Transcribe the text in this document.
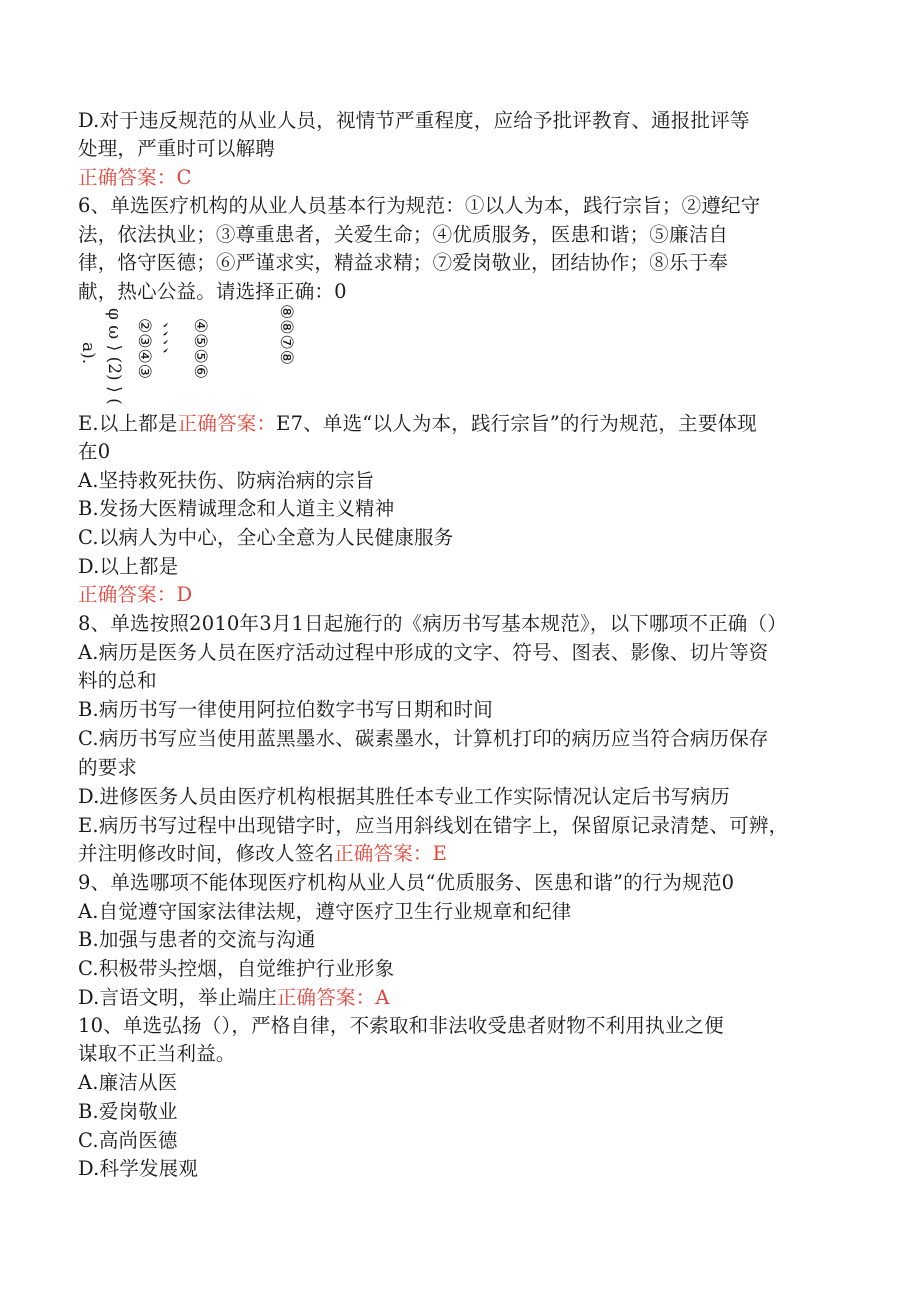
D.对于违反规范的从业人员，视情节严重程度，应给予批评教育、通报批评等
处理，严重时可以解聘
正确答案：C
6、单选医疗机构的从业人员基本行为规范：①以人为本，践行宗旨；②遵纪守
法，依法执业；③尊重患者，关爱生命；④优质服务，医患和谐；⑤廉洁自
律，恪守医德；⑥严谨求实，精益求精；⑦爱岗敬业，团结协作；⑧乐于奉
献，热心公益。请选择正确：0
a). φ ω ⟩ (2) ⟩ ( ②③④③ 、、、、 ④⑤⑤⑥	⑧⑧⑦⑧
E.以上都是正确答案：E7、单选“以人为本，践行宗旨”的行为规范，主要体现
在0
A.坚持救死扶伤、防病治病的宗旨
B.发扬大医精诚理念和人道主义精神
C.以病人为中心，全心全意为人民健康服务
D.以上都是
正确答案：D
8、单选按照2010年3月1日起施行的《病历书写基本规范》，以下哪项不正确（）
A.病历是医务人员在医疗活动过程中形成的文字、符号、图表、影像、切片等资
料的总和
B.病历书写一律使用阿拉伯数字书写日期和时间
C.病历书写应当使用蓝黑墨水、碳素墨水，计算机打印的病历应当符合病历保存
的要求
D.进修医务人员由医疗机构根据其胜任本专业工作实际情况认定后书写病历
E.病历书写过程中出现错字时，应当用斜线划在错字上，保留原记录清楚、可辨，
并注明修改时间，修改人签名正确答案：E
9、单选哪项不能体现医疗机构从业人员“优质服务、医患和谐”的行为规范0
A.自觉遵守国家法律法规，遵守医疗卫生行业规章和纪律
B.加强与患者的交流与沟通
C.积极带头控烟，自觉维护行业形象
D.言语文明，举止端庄正确答案：A
10、单选弘扬（），严格自律，不索取和非法收受患者财物不利用执业之便
谋取不正当利益。
A.廉洁从医
B.爱岗敬业
C.高尚医德
D.科学发展观
